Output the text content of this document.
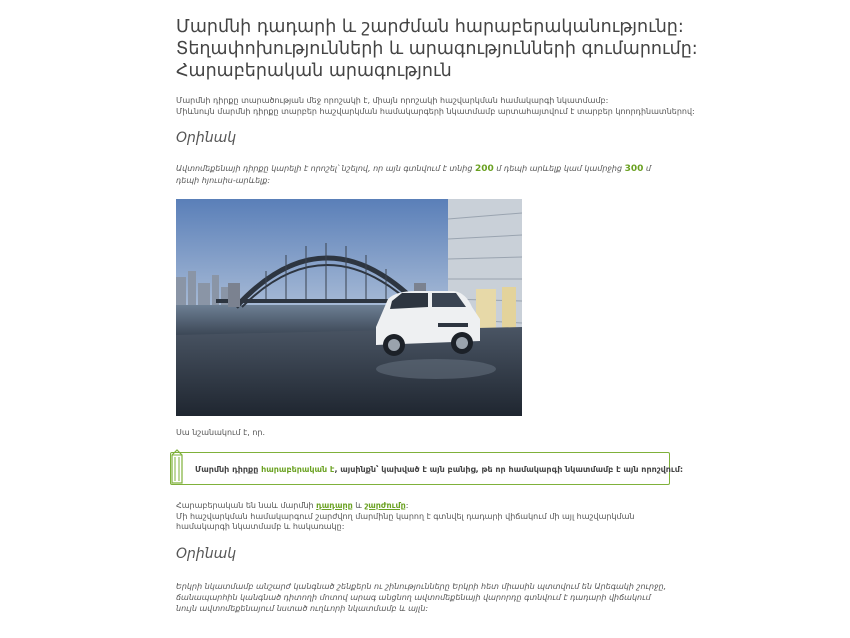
Մարմնի դադարի և շարժման հարաբերականությունը:
Տեղափոխությունների և արագությունների գումարումը:
Հարաբերական արագություն
Մարմնի դիրքը տարածության մեջ որոշակի է, միայն որոշակի հաշվարկման համակարգի նկատմամբ:
Միևնույն մարմնի դիրքը տարբեր հաշվարկման համակարգերի նկատմամբ արտահայտվում է տարբեր կոորդինատներով:
Օրինակ
Ավտոմեքենայի դիրքը կարելի է որոշել՝ նշելով, որ այն գտնվում է տնից 200 մ դեպի արևելք կամ կամրջից 300 մ դեպի հյուսիս-արևելք:
Սա նշանակում է, որ.
Մարմնի դիրքը հարաբերական է, այսինքն՝ կախված է այն բանից, թե որ համակարգի նկատմամբ է այն որոշվում:
Հարաբերական են նաև մարմնի դադարը և շարժումը:
Մի հաշվարկման համակարգում շարժվող մարմինը կարող է գտնվել դադարի վիճակում մի այլ հաշվարկման համակարգի նկատմամբ և հակառակը:
Օրինակ
Երկրի նկատմամբ անշարժ կանգնած շենքերն ու շինությունները Երկրի հետ միասին պտտվում են Արեգակի շուրջը, ճանապարհին կանգնած դիտողի մոտով արագ անցնող ավտոմեքենայի վարորդը գտնվում է դադարի վիճակում նույն ավտոմեքենայում նստած ուղևորի նկատմամբ և այլն:
